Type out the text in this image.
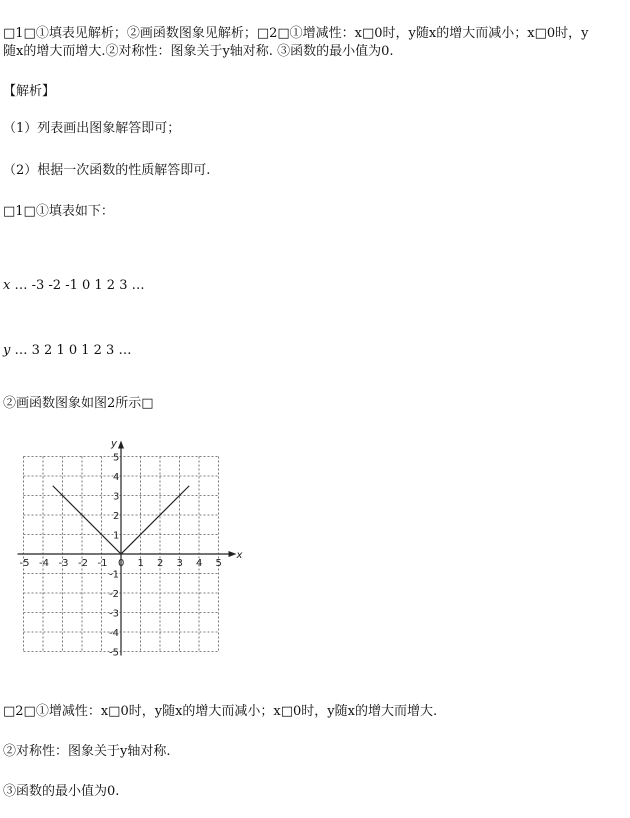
□1□①填表见解析；②画函数图象见解析；□2□①增减性：x□0时，y随x的增大而减小；x□0时，y
随x的增大而增大.②对称性：图象关于y轴对称. ③函数的最小值为0.
【解析】
（1）列表画出图象解答即可；
（2）根据一次函数的性质解答即可.
□1□①填表如下：
x … -3 -2 -1 0 1 2 3 …
y … 3 2 1 0 1 2 3 …
②画函数图象如图2所示□
x
y
-5 -4 -3 -2 -1 0 1 2 3 4 5
5
4
3
2
1
-1
-2
-3
-4
-5
□2□①增减性：x□0时，y随x的增大而减小；x□0时，y随x的增大而增大.
②对称性：图象关于y轴对称.
③函数的最小值为0.
